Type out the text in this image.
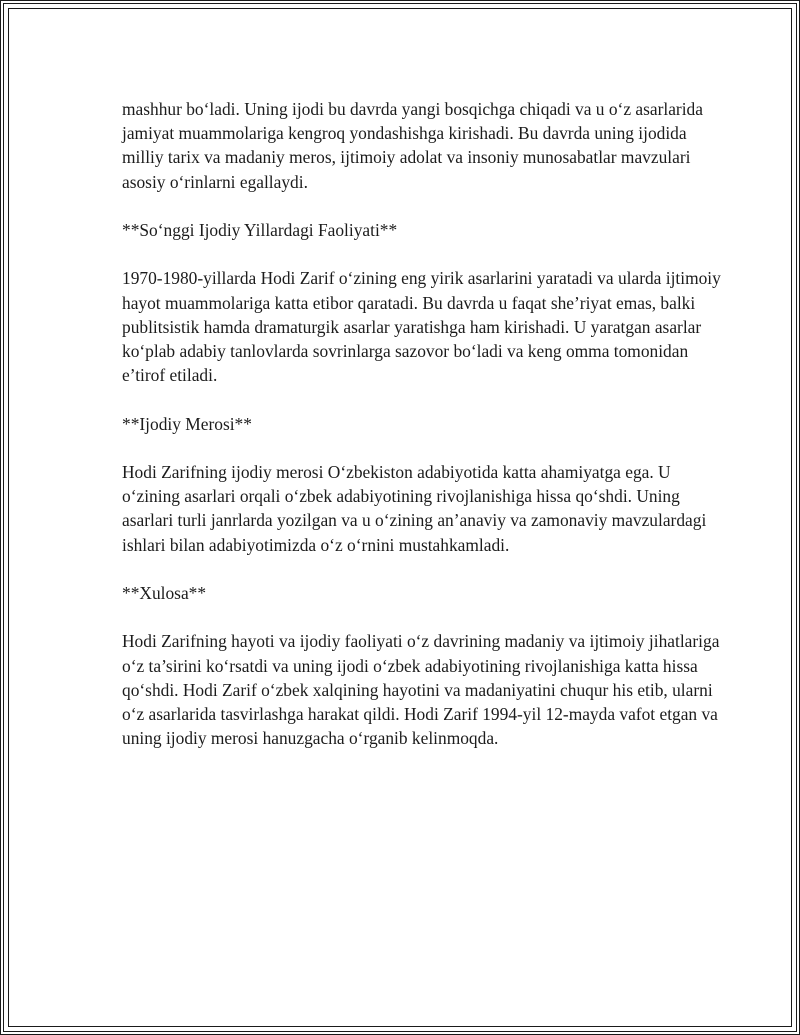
mashhur bo‘ladi. Uning ijodi bu davrda yangi bosqichga chiqadi va u o‘z asarlarida jamiyat muammolariga kengroq yondashishga kirishadi. Bu davrda uning ijodida milliy tarix va madaniy meros, ijtimoiy adolat va insoniy munosabatlar mavzulari asosiy o‘rinlarni egallaydi.

**So‘nggi Ijodiy Yillardagi Faoliyati**

1970-1980-yillarda Hodi Zarif o‘zining eng yirik asarlarini yaratadi va ularda ijtimoiy hayot muammolariga katta etibor qaratadi. Bu davrda u faqat she’riyat emas, balki publitsistik hamda dramaturgik asarlar yaratishga ham kirishadi. U yaratgan asarlar ko‘plab adabiy tanlovlarda sovrinlarga sazovor bo‘ladi va keng omma tomonidan e’tirof etiladi.

**Ijodiy Merosi**

Hodi Zarifning ijodiy merosi O‘zbekiston adabiyotida katta ahamiyatga ega. U o‘zining asarlari orqali o‘zbek adabiyotining rivojlanishiga hissa qo‘shdi. Uning asarlari turli janrlarda yozilgan va u o‘zining an’anaviy va zamonaviy mavzulardagi ishlari bilan adabiyotimizda o‘z o‘rnini mustahkamladi.

**Xulosa**

Hodi Zarifning hayoti va ijodiy faoliyati o‘z davrining madaniy va ijtimoiy jihatlariga o‘z ta’sirini ko‘rsatdi va uning ijodi o‘zbek adabiyotining rivojlanishiga katta hissa qo‘shdi. Hodi Zarif o‘zbek xalqining hayotini va madaniyatini chuqur his etib, ularni o‘z asarlarida tasvirlashga harakat qildi. Hodi Zarif 1994-yil 12-mayda vafot etgan va uning ijodiy merosi hanuzgacha o‘rganib kelinmoqda.
